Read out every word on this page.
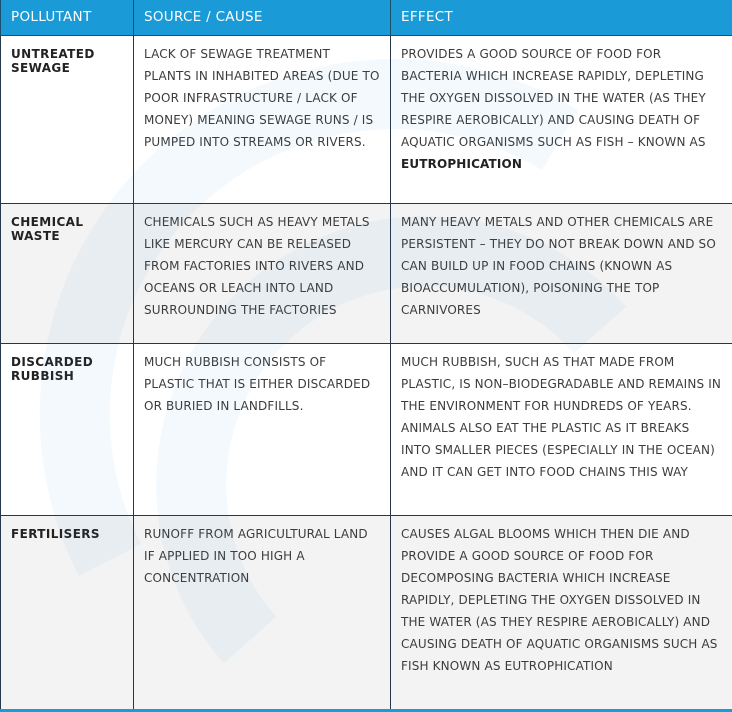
POLLUTANT	SOURCE / CAUSE	EFFECT
UNTREATED SEWAGE	LACK OF SEWAGE TREATMENT PLANTS IN INHABITED AREAS (DUE TO POOR INFRASTRUCTURE / LACK OF MONEY) MEANING SEWAGE RUNS / IS PUMPED INTO STREAMS OR RIVERS.	PROVIDES A GOOD SOURCE OF FOOD FOR BACTERIA WHICH INCREASE RAPIDLY, DEPLETING THE OXYGEN DISSOLVED IN THE WATER (AS THEY RESPIRE AEROBICALLY) AND CAUSING DEATH OF AQUATIC ORGANISMS SUCH AS FISH – KNOWN AS
EUTROPHICATION
CHEMICAL WASTE	CHEMICALS SUCH AS HEAVY METALS LIKE MERCURY CAN BE RELEASED FROM FACTORIES INTO RIVERS AND OCEANS OR LEACH INTO LAND SURROUNDING THE FACTORIES	MANY HEAVY METALS AND OTHER CHEMICALS ARE PERSISTENT – THEY DO NOT BREAK DOWN AND SO CAN BUILD UP IN FOOD CHAINS (KNOWN AS BIOACCUMULATION), POISONING THE TOP CARNIVORES
DISCARDED RUBBISH	MUCH RUBBISH CONSISTS OF PLASTIC THAT IS EITHER DISCARDED OR BURIED IN LANDFILLS.	MUCH RUBBISH, SUCH AS THAT MADE FROM PLASTIC, IS NON–BIODEGRADABLE AND REMAINS IN THE ENVIRONMENT FOR HUNDREDS OF YEARS. ANIMALS ALSO EAT THE PLASTIC AS IT BREAKS INTO SMALLER PIECES (ESPECIALLY IN THE OCEAN) AND IT CAN GET INTO FOOD CHAINS THIS WAY
FERTILISERS	RUNOFF FROM AGRICULTURAL LAND IF APPLIED IN TOO HIGH A CONCENTRATION	CAUSES ALGAL BLOOMS WHICH THEN DIE AND PROVIDE A GOOD SOURCE OF FOOD FOR DECOMPOSING BACTERIA WHICH INCREASE RAPIDLY, DEPLETING THE OXYGEN DISSOLVED IN THE WATER (AS THEY RESPIRE AEROBICALLY) AND CAUSING DEATH OF AQUATIC ORGANISMS SUCH AS FISH KNOWN AS EUTROPHICATION
